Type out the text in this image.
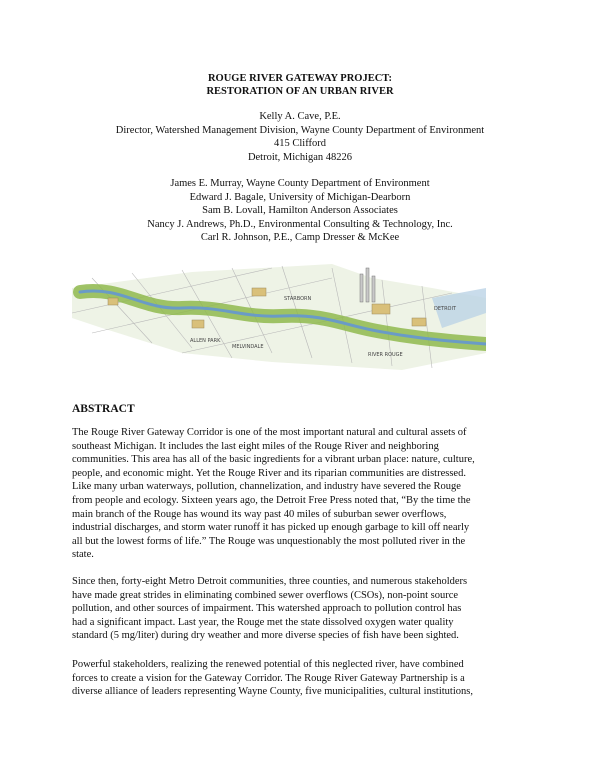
ROUGE RIVER GATEWAY PROJECT:
RESTORATION OF AN URBAN RIVER
Kelly A. Cave, P.E.
Director, Watershed Management Division, Wayne County Department of Environment
415 Clifford
Detroit, Michigan 48226
James E. Murray, Wayne County Department of Environment
Edward J. Bagale, University of Michigan-Dearborn
Sam B. Lovall, Hamilton Anderson Associates
Nancy J. Andrews, Ph.D., Environmental Consulting & Technology, Inc.
Carl R. Johnson, P.E., Camp Dresser & McKee
STARBORN
ALLEN PARK
MELVINDALE
RIVER ROUGE
DETROIT
ABSTRACT
The Rouge River Gateway Corridor is one of the most important natural and cultural assets of
southeast Michigan. It includes the last eight miles of the Rouge River and neighboring
communities. This area has all of the basic ingredients for a vibrant urban place: nature, culture,
people, and economic might. Yet the Rouge River and its riparian communities are distressed.
Like many urban waterways, pollution, channelization, and industry have severed the Rouge
from people and ecology. Sixteen years ago, the Detroit Free Press noted that, “By the time the
main branch of the Rouge has wound its way past 40 miles of suburban sewer overflows,
industrial discharges, and storm water runoff it has picked up enough garbage to kill off nearly
all but the lowest forms of life.” The Rouge was unquestionably the most polluted river in the
state.
Since then, forty-eight Metro Detroit communities, three counties, and numerous stakeholders
have made great strides in eliminating combined sewer overflows (CSOs), non-point source
pollution, and other sources of impairment. This watershed approach to pollution control has
had a significant impact. Last year, the Rouge met the state dissolved oxygen water quality
standard (5 mg/liter) during dry weather and more diverse species of fish have been sighted.
Powerful stakeholders, realizing the renewed potential of this neglected river, have combined
forces to create a vision for the Gateway Corridor. The Rouge River Gateway Partnership is a
diverse alliance of leaders representing Wayne County, five municipalities, cultural institutions,
